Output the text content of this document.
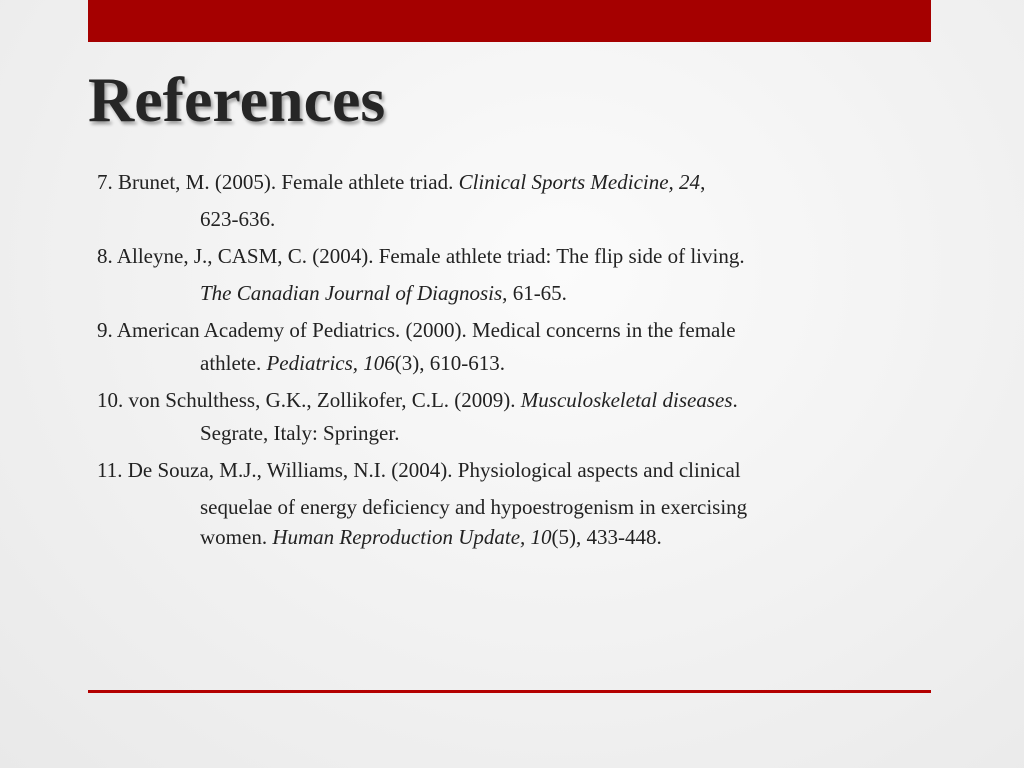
References

7. Brunet, M. (2005). Female athlete triad. Clinical Sports Medicine, 24,
623-636.

8. Alleyne, J., CASM, C. (2004). Female athlete triad: The flip side of living.
The Canadian Journal of Diagnosis, 61-65.

9. American Academy of Pediatrics. (2000). Medical concerns in the female
athlete. Pediatrics, 106(3), 610-613.

10. von Schulthess, G.K., Zollikofer, C.L. (2009). Musculoskeletal diseases.
Segrate, Italy: Springer.

11. De Souza, M.J., Williams, N.I. (2004). Physiological aspects and clinical
sequelae of energy deficiency and hypoestrogenism in exercising
women. Human Reproduction Update, 10(5), 433-448.
